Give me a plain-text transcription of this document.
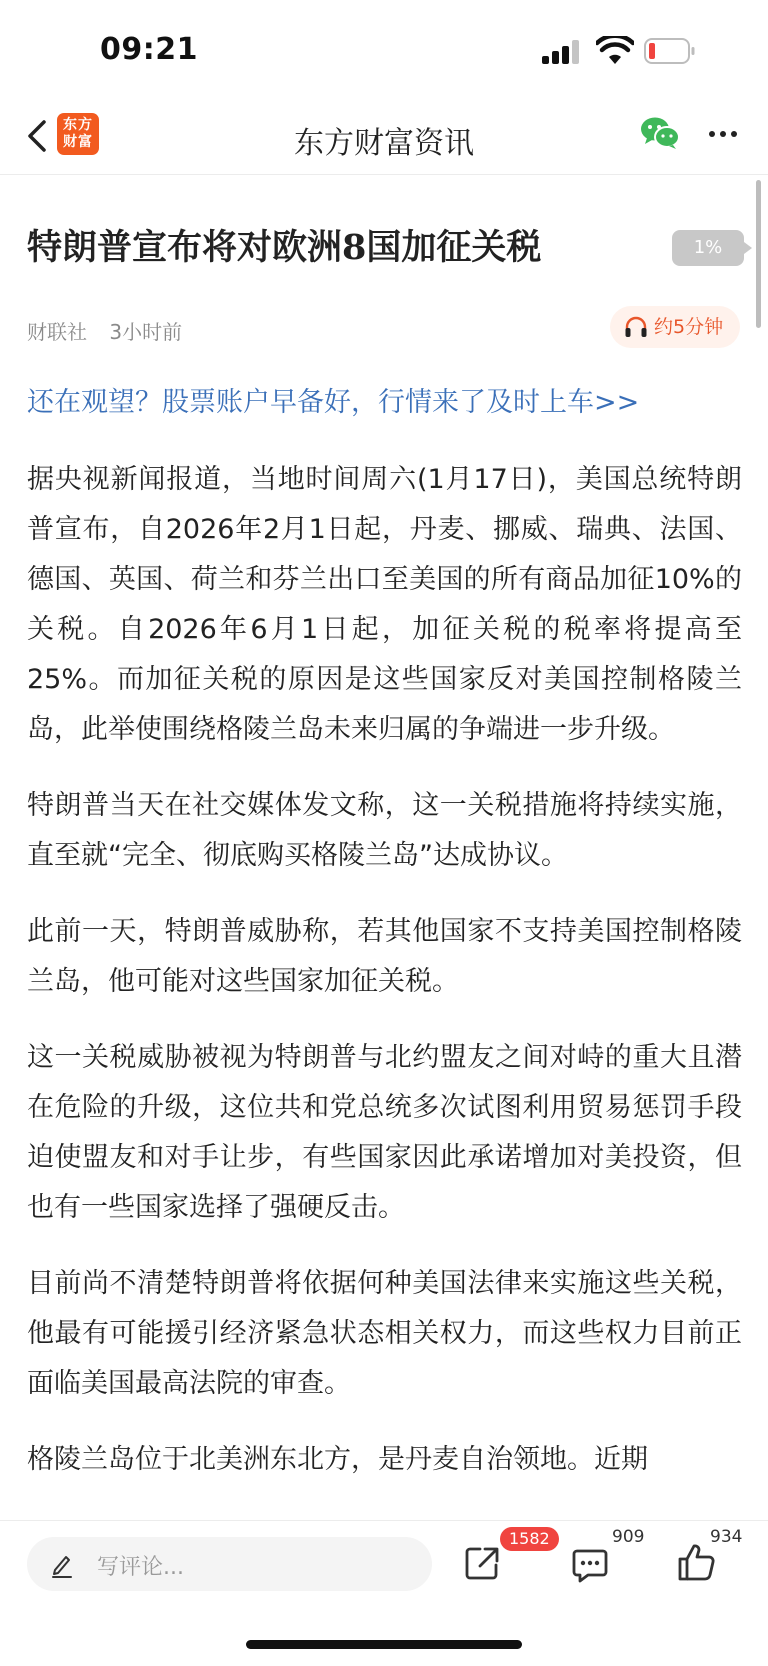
09:21
东方
财富	东方财富资讯
特朗普宣布将对欧洲8国加征关税	1%
财联社 3小时前	约5分钟
还在观望？股票账户早备好，行情来了及时上车>>

据央视新闻报道，当地时间周六(1月17日)，美国总统特朗普宣布，自2026年2月1日起，丹麦、挪威、瑞典、法国、德国、英国、荷兰和芬兰出口至美国的所有商品加征10%的关税。自2026年6月1日起，加征关税的税率将提高至25%。而加征关税的原因是这些国家反对美国控制格陵兰岛，此举使围绕格陵兰岛未来归属的争端进一步升级。

特朗普当天在社交媒体发文称，这一关税措施将持续实施，直至就“完全、彻底购买格陵兰岛”达成协议。

此前一天，特朗普威胁称，若其他国家不支持美国控制格陵兰岛，他可能对这些国家加征关税。

这一关税威胁被视为特朗普与北约盟友之间对峙的重大且潜在危险的升级，这位共和党总统多次试图利用贸易惩罚手段迫使盟友和对手让步，有些国家因此承诺增加对美投资，但也有一些国家选择了强硬反击。

目前尚不清楚特朗普将依据何种美国法律来实施这些关税，他最有可能援引经济紧急状态相关权力，而这些权力目前正面临美国最高法院的审查。

格陵兰岛位于北美洲东北方，是丹麦自治领地。近期

写评论...
1582	909	934
